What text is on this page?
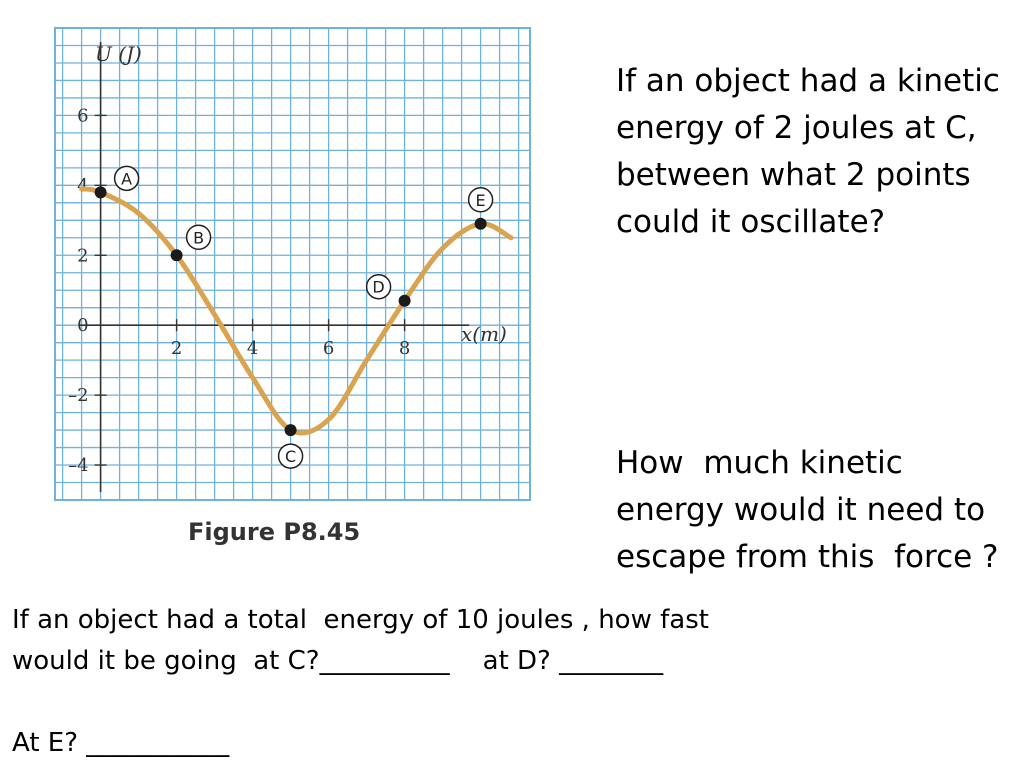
6
4
2
0
–2
–4
2	4	6	8
A
B
C
D
E
U (J)
x(m)
Figure P8.45
If an object had a kinetic
energy of 2 joules at C,
between what 2 points
could it oscillate?
How  much kinetic
energy would it need to
escape from this  force ?
If an object had a total  energy of 10 joules , how fast
would it be going  at C?__________    at D? ________

At E? ___________
